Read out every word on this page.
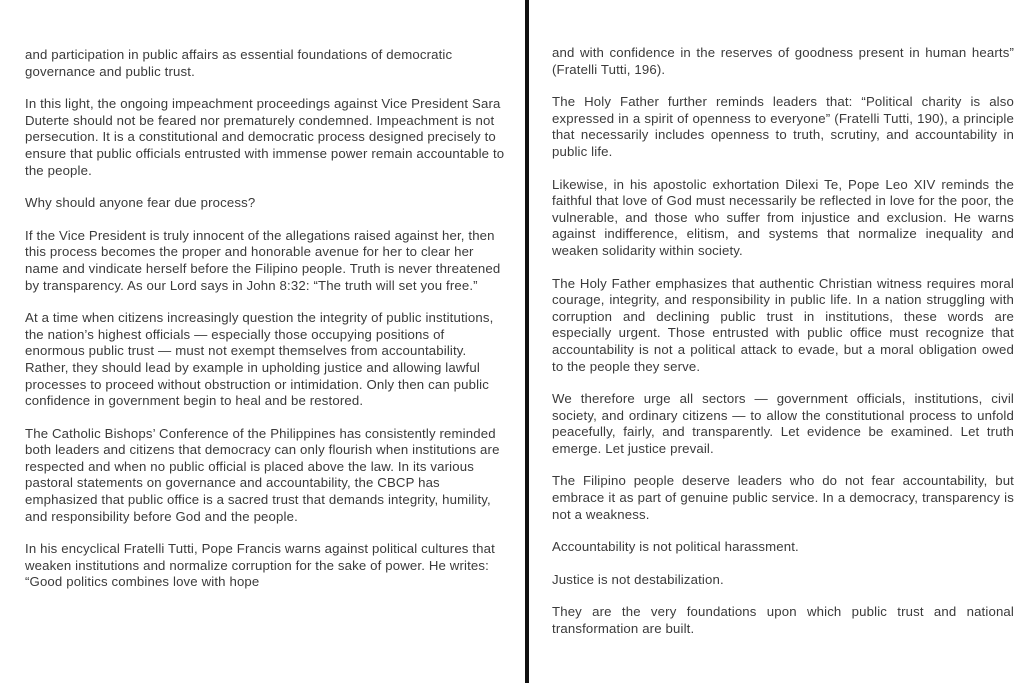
and participation in public affairs as essential foundations of democratic governance and public trust.

In this light, the ongoing impeachment proceedings against Vice President Sara Duterte should not be feared nor prematurely condemned. Impeachment is not persecution. It is a constitutional and democratic process designed precisely to ensure that public officials entrusted with immense power remain accountable to the people.

Why should anyone fear due process?

If the Vice President is truly innocent of the allegations raised against her, then this process becomes the proper and honorable avenue for her to clear her name and vindicate herself before the Filipino people. Truth is never threatened by transparency. As our Lord says in John 8:32: “The truth will set you free.”

At a time when citizens increasingly question the integrity of public institutions, the nation’s highest officials — especially those occupying positions of enormous public trust — must not exempt themselves from accountability. Rather, they should lead by example in upholding justice and allowing lawful processes to proceed without obstruction or intimidation. Only then can public confidence in government begin to heal and be restored.

The Catholic Bishops’ Conference of the Philippines has consistently reminded both leaders and citizens that democracy can only flourish when institutions are respected and when no public official is placed above the law. In its various pastoral statements on governance and accountability, the CBCP has emphasized that public office is a sacred trust that demands integrity, humility, and responsibility before God and the people.

In his encyclical Fratelli Tutti, Pope Francis warns against political cultures that weaken institutions and normalize corruption for the sake of power. He writes: “Good politics combines love with hope

and with confidence in the reserves of goodness present in human hearts” (Fratelli Tutti, 196).

The Holy Father further reminds leaders that: “Political charity is also expressed in a spirit of openness to everyone” (Fratelli Tutti, 190), a principle that necessarily includes openness to truth, scrutiny, and accountability in public life.

Likewise, in his apostolic exhortation Dilexi Te, Pope Leo XIV reminds the faithful that love of God must necessarily be reflected in love for the poor, the vulnerable, and those who suffer from injustice and exclusion. He warns against indifference, elitism, and systems that normalize inequality and weaken solidarity within society.

The Holy Father emphasizes that authentic Christian witness requires moral courage, integrity, and responsibility in public life. In a nation struggling with corruption and declining public trust in institutions, these words are especially urgent. Those entrusted with public office must recognize that accountability is not a political attack to evade, but a moral obligation owed to the people they serve.

We therefore urge all sectors — government officials, institutions, civil society, and ordinary citizens — to allow the constitutional process to unfold peacefully, fairly, and transparently. Let evidence be examined. Let truth emerge. Let justice prevail.

The Filipino people deserve leaders who do not fear accountability, but embrace it as part of genuine public service. In a democracy, transparency is not a weakness.

Accountability is not political harassment.

Justice is not destabilization.

They are the very foundations upon which public trust and national transformation are built.
